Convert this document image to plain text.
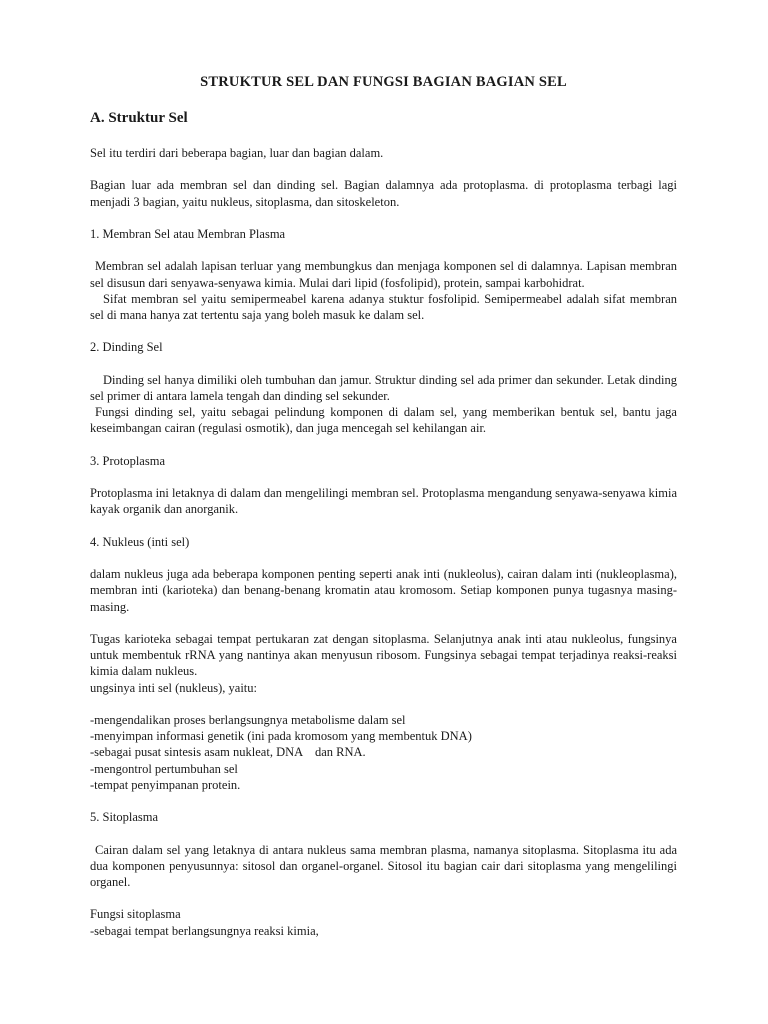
STRUKTUR SEL DAN FUNGSI BAGIAN BAGIAN SEL
A. Struktur Sel

Sel itu terdiri dari beberapa bagian, luar dan bagian dalam.

Bagian luar ada membran sel dan dinding sel. Bagian dalamnya ada protoplasma. di protoplasma terbagi lagi menjadi 3 bagian, yaitu nukleus, sitoplasma, dan sitoskeleton.

1. Membran Sel atau Membran Plasma

Membran sel adalah lapisan terluar yang membungkus dan menjaga komponen sel di dalamnya. Lapisan membran sel disusun dari senyawa-senyawa kimia. Mulai dari lipid (fosfolipid), protein, sampai karbohidrat.

Sifat membran sel yaitu semipermeabel karena adanya stuktur fosfolipid. Semipermeabel adalah sifat membran sel di mana hanya zat tertentu saja yang boleh masuk ke dalam sel.

2. Dinding Sel

Dinding sel hanya dimiliki oleh tumbuhan dan jamur. Struktur dinding sel ada primer dan sekunder. Letak dinding sel primer di antara lamela tengah dan dinding sel sekunder.

Fungsi dinding sel, yaitu sebagai pelindung komponen di dalam sel, yang memberikan bentuk sel, bantu jaga keseimbangan cairan (regulasi osmotik), dan juga mencegah sel kehilangan air.

3. Protoplasma

Protoplasma ini letaknya di dalam dan mengelilingi membran sel. Protoplasma mengandung senyawa-senyawa kimia kayak organik dan anorganik.

4. Nukleus (inti sel)

dalam nukleus juga ada beberapa komponen penting seperti anak inti (nukleolus), cairan dalam inti (nukleoplasma), membran inti (karioteka) dan benang-benang kromatin atau kromosom. Setiap komponen punya tugasnya masing-masing.

Tugas karioteka sebagai tempat pertukaran zat dengan sitoplasma. Selanjutnya anak inti atau nukleolus, fungsinya untuk membentuk rRNA yang nantinya akan menyusun ribosom. Fungsinya sebagai tempat terjadinya reaksi-reaksi kimia dalam nukleus.

ungsinya inti sel (nukleus), yaitu:

-mengendalikan proses berlangsungnya metabolisme dalam sel

-menyimpan informasi genetik (ini pada kromosom yang membentuk DNA)

-sebagai pusat sintesis asam nukleat, DNA    dan RNA.

-mengontrol pertumbuhan sel

-tempat penyimpanan protein.

5. Sitoplasma

Cairan dalam sel yang letaknya di antara nukleus sama membran plasma, namanya sitoplasma. Sitoplasma itu ada dua komponen penyusunnya: sitosol dan organel-organel. Sitosol itu bagian cair dari sitoplasma yang mengelilingi organel.

Fungsi sitoplasma

-sebagai tempat berlangsungnya reaksi kimia,
